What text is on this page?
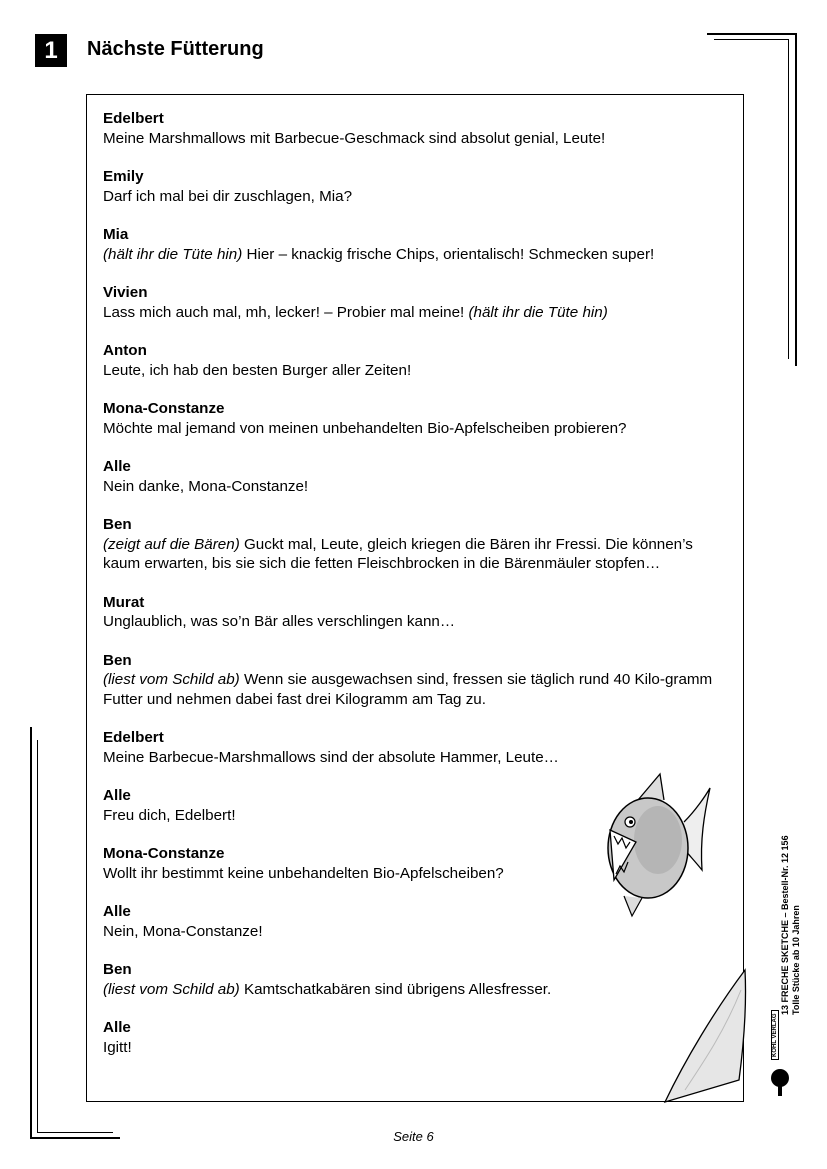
1	Nächste Fütterung
Edelbert
Meine Marshmallows mit Barbecue-Geschmack sind absolut genial, Leute!
Emily
Darf ich mal bei dir zuschlagen, Mia?
Mia
(hält ihr die Tüte hin) Hier – knackig frische Chips, orientalisch! Schmecken super!
Vivien
Lass mich auch mal, mh, lecker! – Probier mal meine! (hält ihr die Tüte hin)
Anton
Leute, ich hab den besten Burger aller Zeiten!
Mona-Constanze
Möchte mal jemand von meinen unbehandelten Bio-Apfelscheiben probieren?
Alle
Nein danke, Mona-Constanze!
Ben
(zeigt auf die Bären) Guckt mal, Leute, gleich kriegen die Bären ihr Fressi. Die können’s kaum erwarten, bis sie sich die fetten Fleischbrocken in die Bärenmäuler stopfen…
Murat
Unglaublich, was so’n Bär alles verschlingen kann…
Ben
(liest vom Schild ab) Wenn sie ausgewachsen sind, fressen sie täglich rund 40 Kilo-gramm Futter und nehmen dabei fast drei Kilogramm am Tag zu.
Edelbert
Meine Barbecue-Marshmallows sind der absolute Hammer, Leute…
Alle
Freu dich, Edelbert!
Mona-Constanze
Wollt ihr bestimmt keine unbehandelten Bio-Apfelscheiben?
Alle
Nein, Mona-Constanze!
Ben
(liest vom Schild ab) Kamtschatkabären sind übrigens Allesfresser.
Alle
Igitt!
13 FRECHE SKETCHE – Bestell-Nr. 12 156 Tolle Stücke ab 10 Jahren
KOHL VERLAG
Seite 6
